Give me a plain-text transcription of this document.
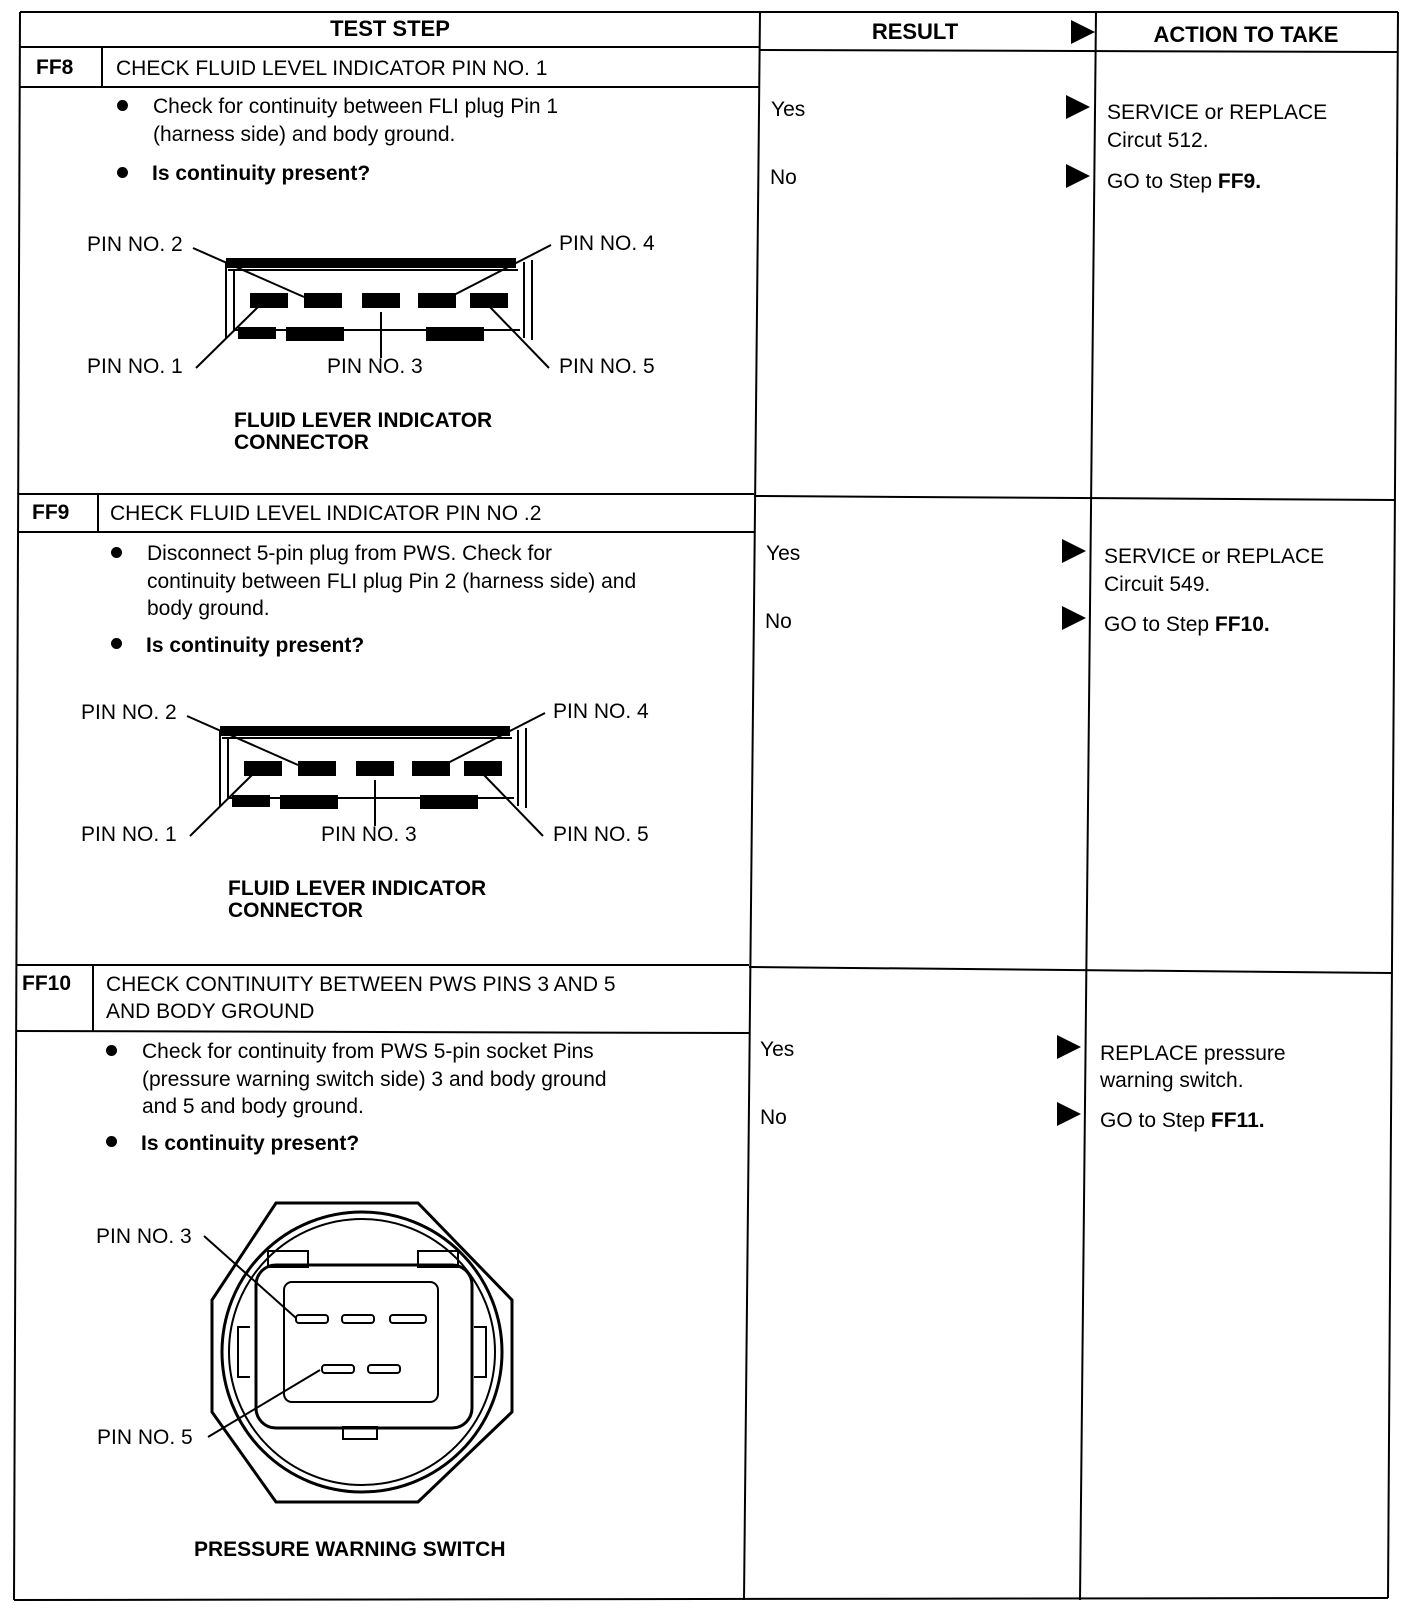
TEST STEP	RESULT	ACTION TO TAKE
FF8 CHECK FLUID LEVEL INDICATOR PIN NO. 1
Check for continuity between FLI plug Pin 1
(harness side) and body ground.
Is continuity present?
PIN NO. 2	PIN NO. 4
PIN NO. 1	PIN NO. 3	PIN NO. 5
FLUID LEVER INDICATOR
CONNECTOR
Yes	SERVICE or REPLACE
Circut 512.
No	GO to Step FF9.
FF9 CHECK FLUID LEVEL INDICATOR PIN NO .2
Disconnect 5-pin plug from PWS. Check for
continuity between FLI plug Pin 2 (harness side) and
body ground.
Is continuity present?
PIN NO. 2	PIN NO. 4
PIN NO. 1	PIN NO. 3	PIN NO. 5
FLUID LEVER INDICATOR
CONNECTOR
Yes	SERVICE or REPLACE
Circuit 549.
No	GO to Step FF10.
FF10 CHECK CONTINUITY BETWEEN PWS PINS 3 AND 5
AND BODY GROUND
Check for continuity from PWS 5-pin socket Pins
(pressure warning switch side) 3 and body ground
and 5 and body ground.
Is continuity present?
PIN NO. 3
PIN NO. 5
PRESSURE WARNING SWITCH
Yes	REPLACE pressure
warning switch.
No	GO to Step FF11.
